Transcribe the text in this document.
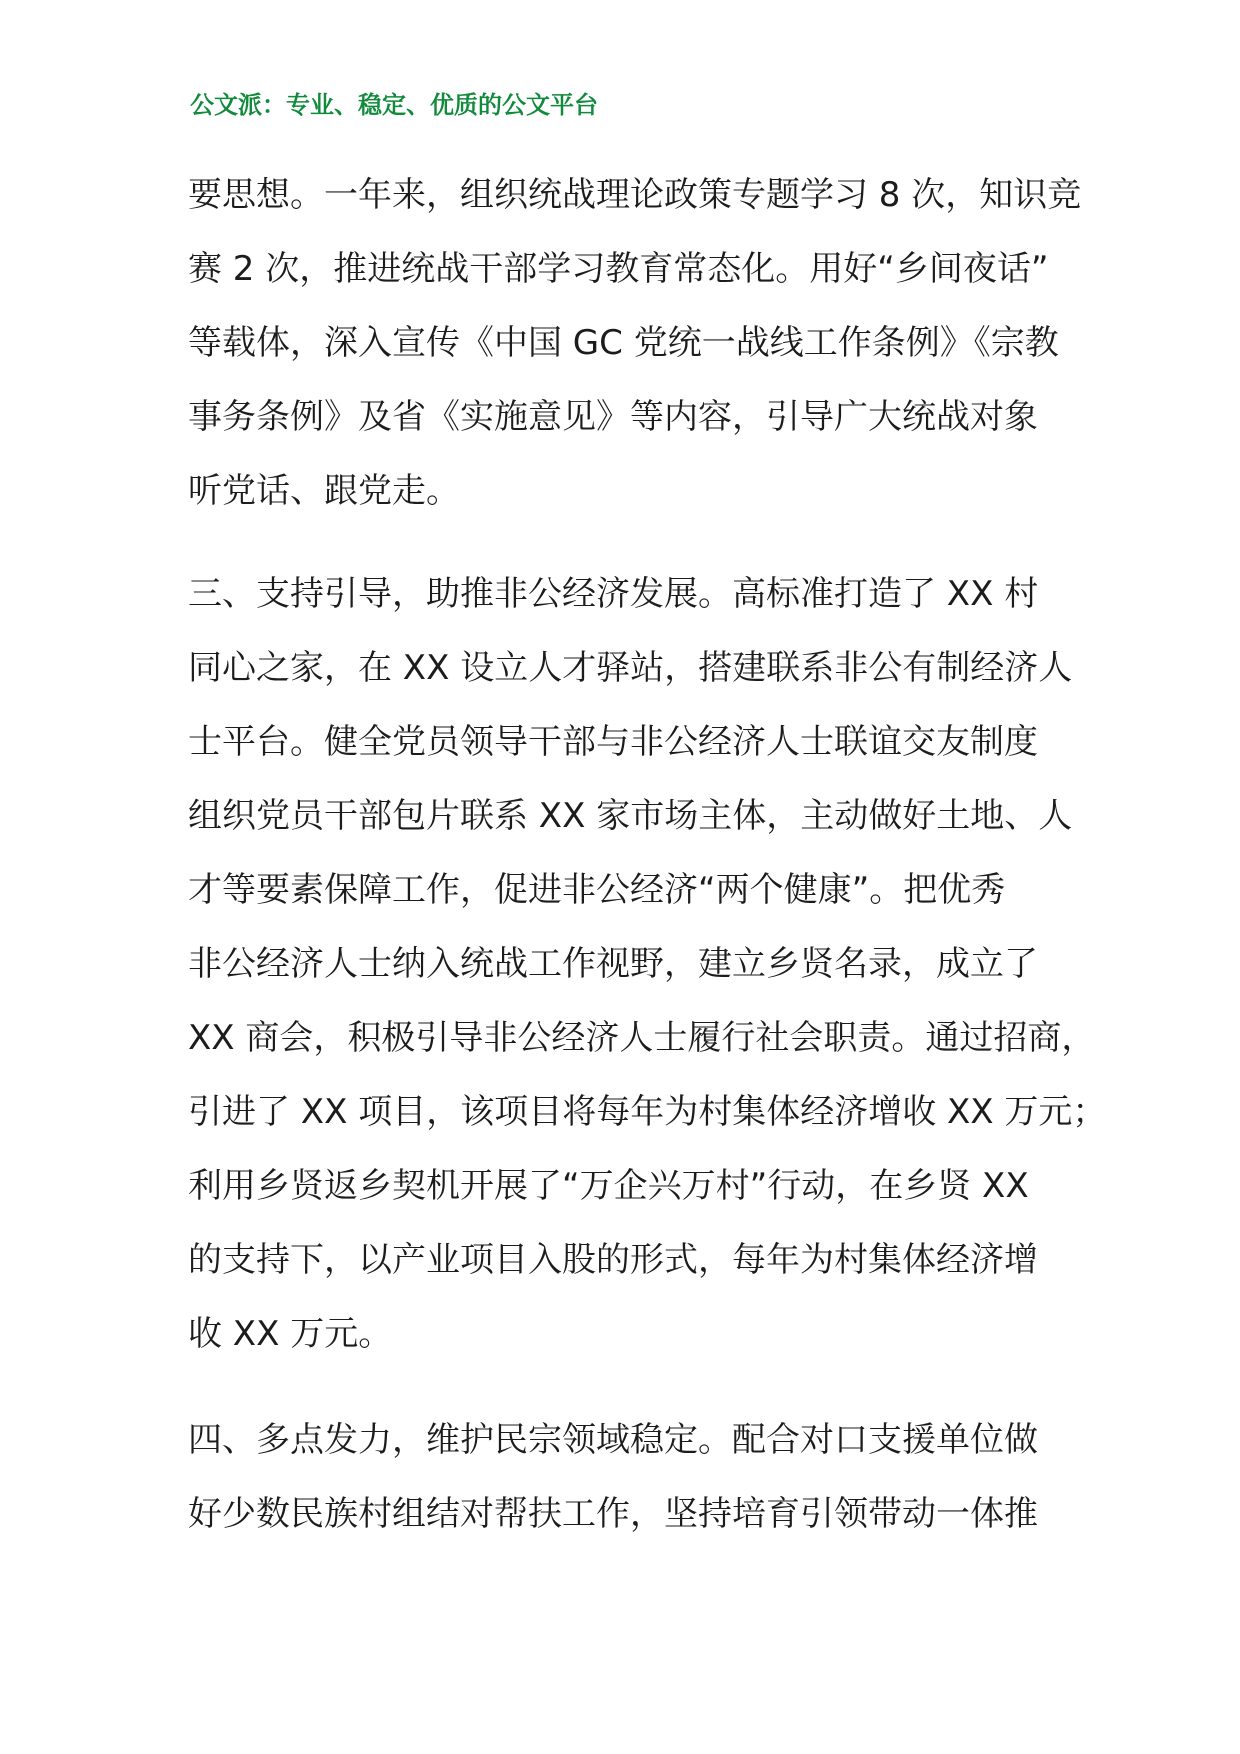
公文派：专业、稳定、优质的公文平台
要思想。一年来，组织统战理论政策专题学习 8 次，知识竞
赛 2 次，推进统战干部学习教育常态化。用好“乡间夜话”
等载体，深入宣传《中国 GC 党统一战线工作条例》《宗教
事务条例》及省《实施意见》等内容，引导广大统战对象
听党话、跟党走。
三、支持引导，助推非公经济发展。高标准打造了 XX 村
同心之家，在 XX 设立人才驿站，搭建联系非公有制经济人
士平台。健全党员领导干部与非公经济人士联谊交友制度
组织党员干部包片联系 XX 家市场主体，主动做好土地、人
才等要素保障工作，促进非公经济“两个健康”。把优秀
非公经济人士纳入统战工作视野，建立乡贤名录，成立了
XX 商会，积极引导非公经济人士履行社会职责。通过招商，
引进了 XX 项目，该项目将每年为村集体经济增收 XX 万元；
利用乡贤返乡契机开展了“万企兴万村”行动，在乡贤 XX
的支持下，以产业项目入股的形式，每年为村集体经济增
收 XX 万元。
四、多点发力，维护民宗领域稳定。配合对口支援单位做
好少数民族村组结对帮扶工作，坚持培育引领带动一体推
